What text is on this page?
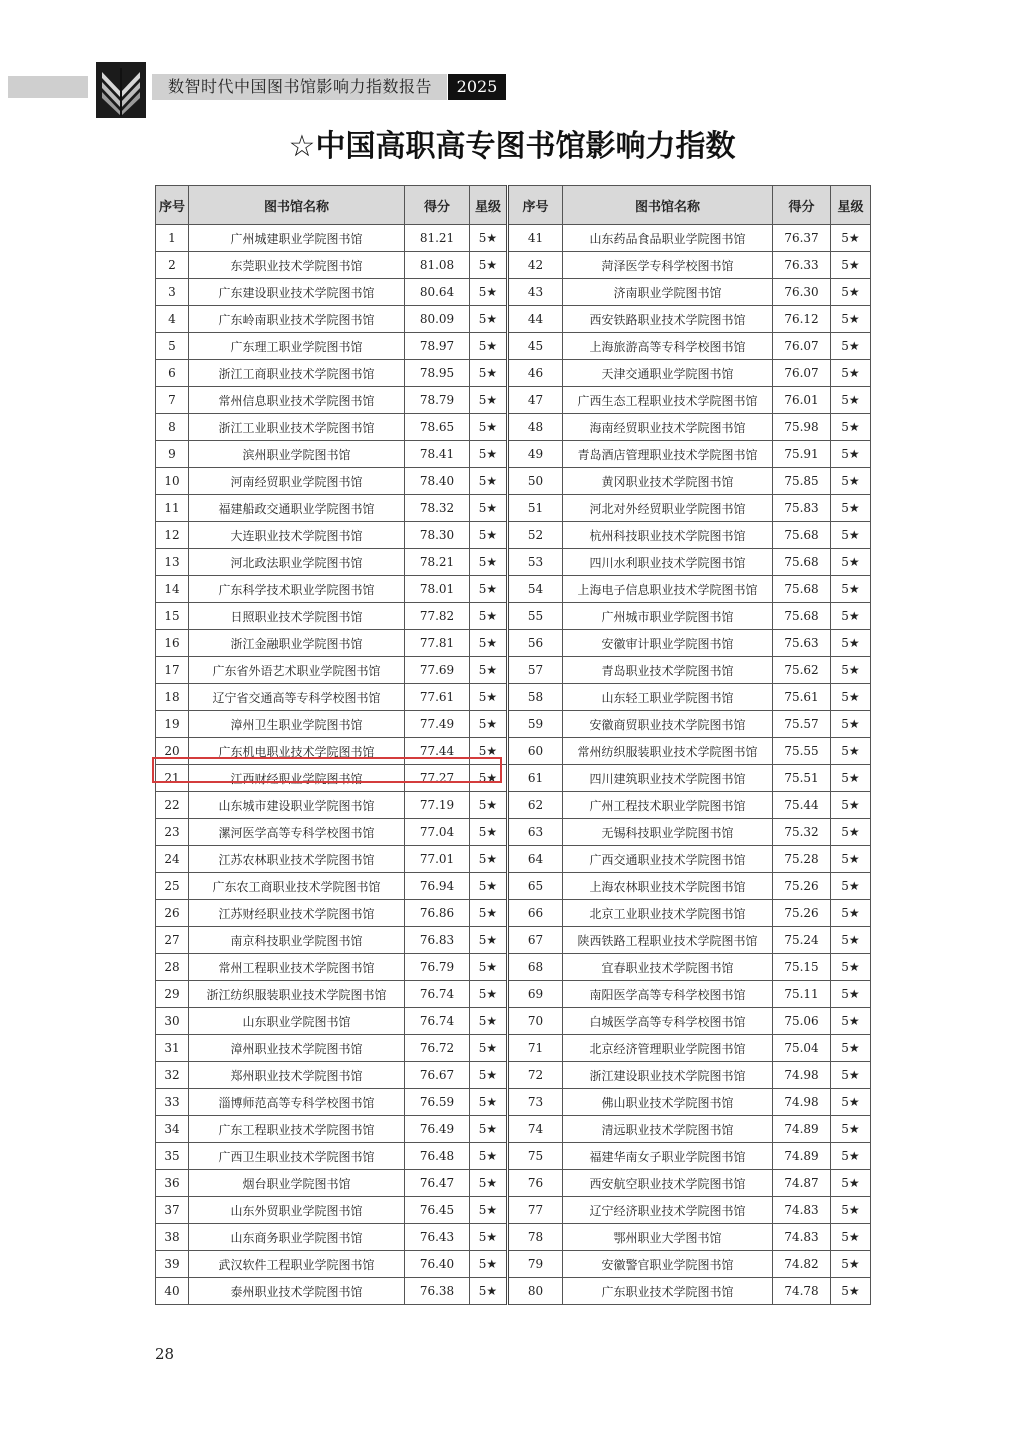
数智时代中国图书馆影响力指数报告	2025
☆中国高职高专图书馆影响力指数
序号	图书馆名称	得分	星级	序号	图书馆名称	得分	星级
1	广州城建职业学院图书馆	81.21	5★	41	山东药品食品职业学院图书馆	76.37	5★
2	东莞职业技术学院图书馆	81.08	5★	42	菏泽医学专科学校图书馆	76.33	5★
3	广东建设职业技术学院图书馆	80.64	5★	43	济南职业学院图书馆	76.30	5★
4	广东岭南职业技术学院图书馆	80.09	5★	44	西安铁路职业技术学院图书馆	76.12	5★
5	广东理工职业学院图书馆	78.97	5★	45	上海旅游高等专科学校图书馆	76.07	5★
6	浙江工商职业技术学院图书馆	78.95	5★	46	天津交通职业学院图书馆	76.07	5★
7	常州信息职业技术学院图书馆	78.79	5★	47	广西生态工程职业技术学院图书馆	76.01	5★
8	浙江工业职业技术学院图书馆	78.65	5★	48	海南经贸职业技术学院图书馆	75.98	5★
9	滨州职业学院图书馆	78.41	5★	49	青岛酒店管理职业技术学院图书馆	75.91	5★
10	河南经贸职业学院图书馆	78.40	5★	50	黄冈职业技术学院图书馆	75.85	5★
11	福建船政交通职业学院图书馆	78.32	5★	51	河北对外经贸职业学院图书馆	75.83	5★
12	大连职业技术学院图书馆	78.30	5★	52	杭州科技职业技术学院图书馆	75.68	5★
13	河北政法职业学院图书馆	78.21	5★	53	四川水利职业技术学院图书馆	75.68	5★
14	广东科学技术职业学院图书馆	78.01	5★	54	上海电子信息职业技术学院图书馆	75.68	5★
15	日照职业技术学院图书馆	77.82	5★	55	广州城市职业学院图书馆	75.68	5★
16	浙江金融职业学院图书馆	77.81	5★	56	安徽审计职业学院图书馆	75.63	5★
17	广东省外语艺术职业学院图书馆	77.69	5★	57	青岛职业技术学院图书馆	75.62	5★
18	辽宁省交通高等专科学校图书馆	77.61	5★	58	山东轻工职业学院图书馆	75.61	5★
19	漳州卫生职业学院图书馆	77.49	5★	59	安徽商贸职业技术学院图书馆	75.57	5★
20	广东机电职业技术学院图书馆	77.44	5★	60	常州纺织服装职业技术学院图书馆	75.55	5★
21	江西财经职业学院图书馆	77.27	5★	61	四川建筑职业技术学院图书馆	75.51	5★
22	山东城市建设职业学院图书馆	77.19	5★	62	广州工程技术职业学院图书馆	75.44	5★
23	漯河医学高等专科学校图书馆	77.04	5★	63	无锡科技职业学院图书馆	75.32	5★
24	江苏农林职业技术学院图书馆	77.01	5★	64	广西交通职业技术学院图书馆	75.28	5★
25	广东农工商职业技术学院图书馆	76.94	5★	65	上海农林职业技术学院图书馆	75.26	5★
26	江苏财经职业技术学院图书馆	76.86	5★	66	北京工业职业技术学院图书馆	75.26	5★
27	南京科技职业学院图书馆	76.83	5★	67	陕西铁路工程职业技术学院图书馆	75.24	5★
28	常州工程职业技术学院图书馆	76.79	5★	68	宜春职业技术学院图书馆	75.15	5★
29	浙江纺织服装职业技术学院图书馆	76.74	5★	69	南阳医学高等专科学校图书馆	75.11	5★
30	山东职业学院图书馆	76.74	5★	70	白城医学高等专科学校图书馆	75.06	5★
31	漳州职业技术学院图书馆	76.72	5★	71	北京经济管理职业学院图书馆	75.04	5★
32	郑州职业技术学院图书馆	76.67	5★	72	浙江建设职业技术学院图书馆	74.98	5★
33	淄博师范高等专科学校图书馆	76.59	5★	73	佛山职业技术学院图书馆	74.98	5★
34	广东工程职业技术学院图书馆	76.49	5★	74	清远职业技术学院图书馆	74.89	5★
35	广西卫生职业技术学院图书馆	76.48	5★	75	福建华南女子职业学院图书馆	74.89	5★
36	烟台职业学院图书馆	76.47	5★	76	西安航空职业技术学院图书馆	74.87	5★
37	山东外贸职业学院图书馆	76.45	5★	77	辽宁经济职业技术学院图书馆	74.83	5★
38	山东商务职业学院图书馆	76.43	5★	78	鄂州职业大学图书馆	74.83	5★
39	武汉软件工程职业学院图书馆	76.40	5★	79	安徽警官职业学院图书馆	74.82	5★
40	泰州职业技术学院图书馆	76.38	5★	80	广东职业技术学院图书馆	74.78	5★
28
